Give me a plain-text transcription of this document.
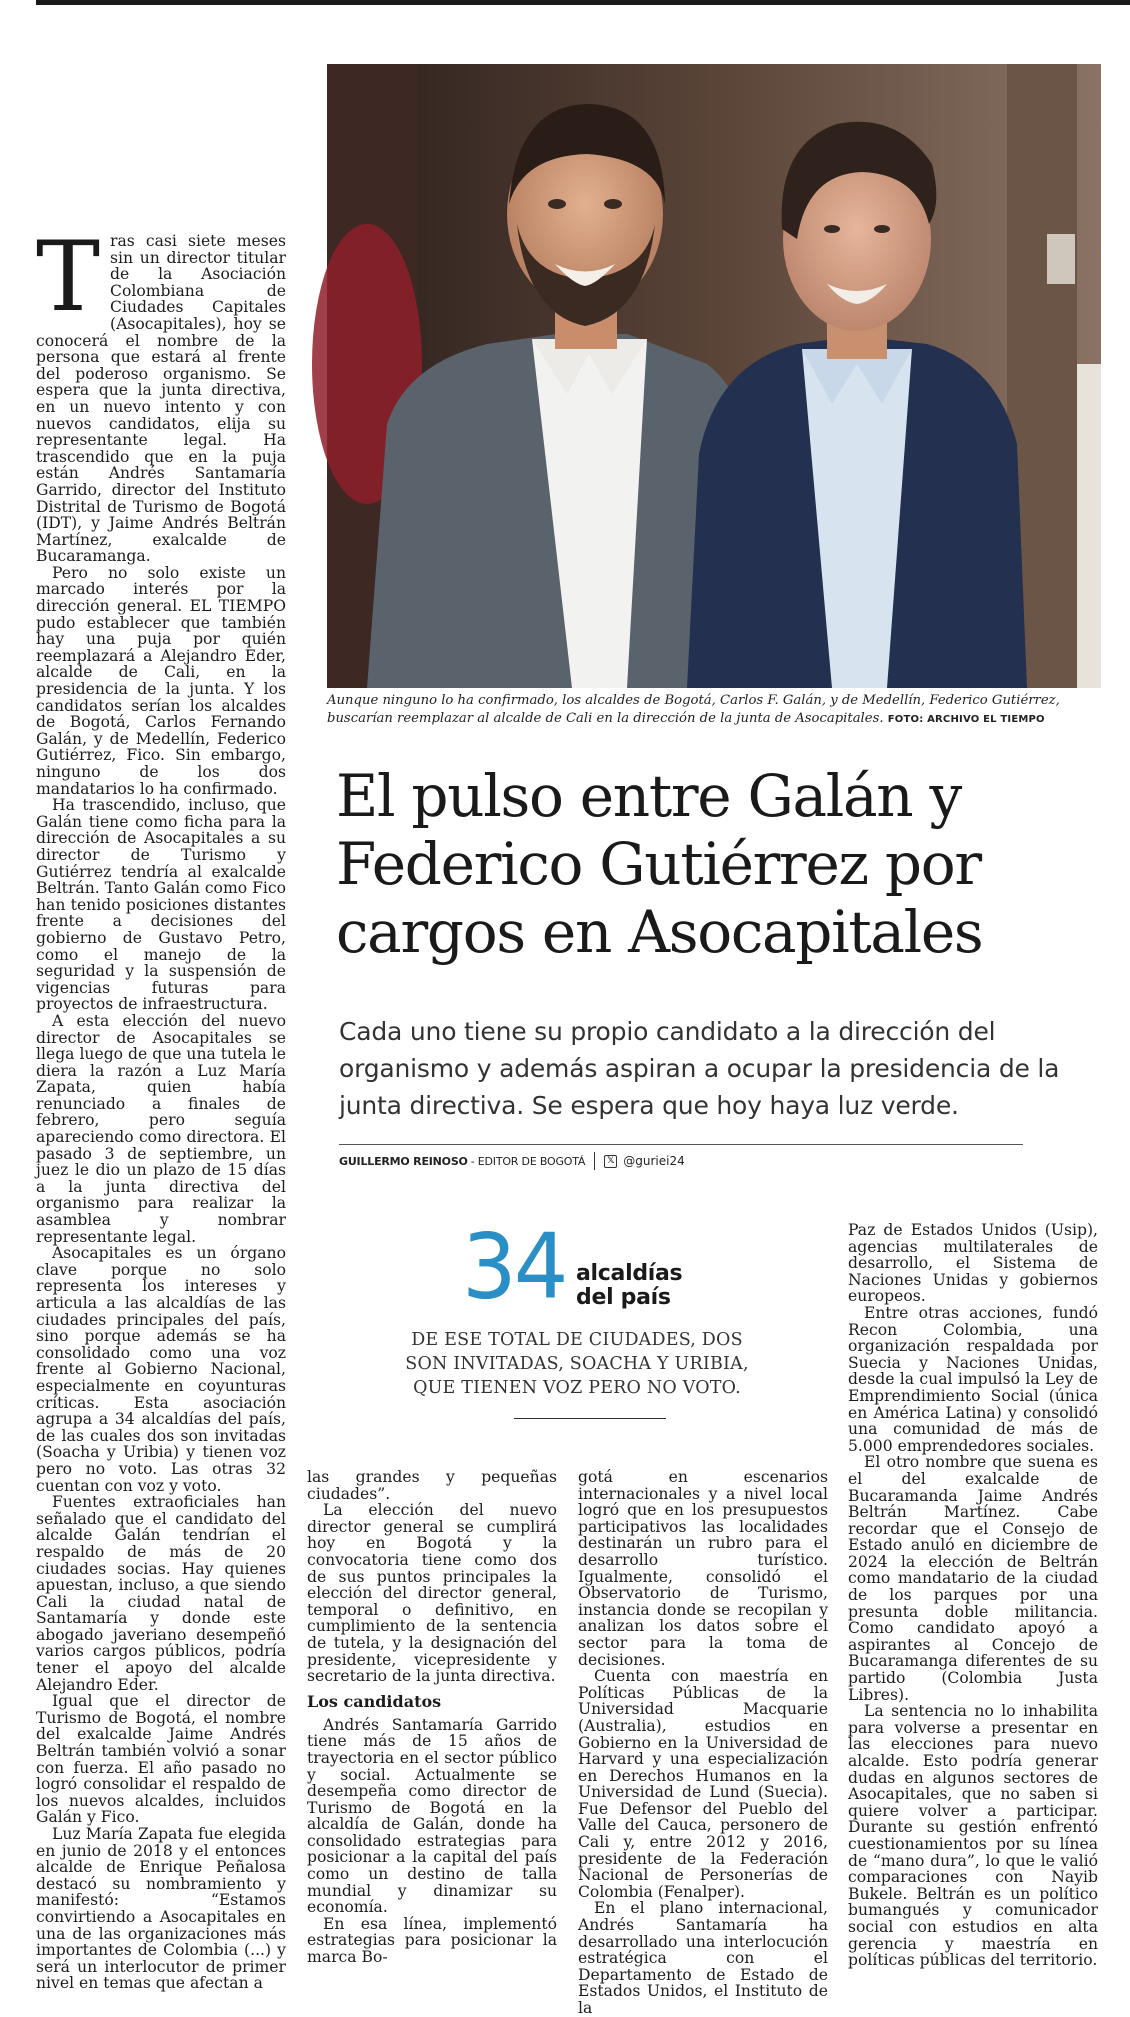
Aunque ninguno lo ha confirmado, los alcaldes de Bogotá, Carlos F. Galán, y de Medellín, Federico Gutiérrez, buscarían reemplazar al alcalde de Cali en la dirección de la junta de Asocapitales. FOTO: ARCHIVO EL TIEMPO
El pulso entre Galán y Federico Gutiérrez por cargos en Asocapitales

Cada uno tiene su propio candidato a la dirección del organismo y además aspiran a ocupar la presidencia de la junta directiva. Se espera que hoy haya luz verde.

GUILLERMO REINOSO - EDITOR DE BOGOTÁ	𝕏 @guriei24
34 alcaldías del país
DE ESE TOTAL DE CIUDADES, DOS SON INVITADAS, SOACHA Y URIBIA, QUE TIENEN VOZ PERO NO VOTO.
T ras casi siete meses sin un director titular de la Asociación Colombiana de Ciudades Capitales (Asocapitales), hoy se conocerá el nombre de la persona que estará al frente del poderoso organismo. Se espera que la junta directiva, en un nuevo intento y con nuevos candidatos, elija su representante legal. Ha trascendido que en la puja están Andrés Santamaría Garrido, director del Instituto Distrital de Turismo de Bogotá (IDT), y Jaime Andrés Beltrán Martínez, exalcalde de Bucaramanga.

Pero no solo existe un marcado interés por la dirección general. EL TIEMPO pudo establecer que también hay una puja por quién reemplazará a Alejandro Eder, alcalde de Cali, en la presidencia de la junta. Y los candidatos serían los alcaldes de Bogotá, Carlos Fernando Galán, y de Medellín, Federico Gutiérrez, Fico. Sin embargo, ninguno de los dos mandatarios lo ha confirmado.

Ha trascendido, incluso, que Galán tiene como ficha para la dirección de Asocapitales a su director de Turismo y Gutiérrez tendría al exalcalde Beltrán. Tanto Galán como Fico han tenido posiciones distantes frente a decisiones del gobierno de Gustavo Petro, como el manejo de la seguridad y la suspensión de vigencias futuras para proyectos de infraestructura.

A esta elección del nuevo director de Asocapitales se llega luego de que una tutela le diera la razón a Luz María Zapata, quien había renunciado a finales de febrero, pero seguía apareciendo como directora. El pasado 3 de septiembre, un juez le dio un plazo de 15 días a la junta directiva del organismo para realizar la asamblea y nombrar representante legal.

Asocapitales es un órgano clave porque no solo representa los intereses y articula a las alcaldías de las ciudades principales del país, sino porque además se ha consolidado como una voz frente al Gobierno Nacional, especialmente en coyunturas críticas. Esta asociación agrupa a 34 alcaldías del país, de las cuales dos son invitadas (Soacha y Uribia) y tienen voz pero no voto. Las otras 32 cuentan con voz y voto.

Fuentes extraoficiales han señalado que el candidato del alcalde Galán tendrían el respaldo de más de 20 ciudades socias. Hay quienes apuestan, incluso, a que siendo Cali la ciudad natal de Santamaría y donde este abogado javeriano desempeñó varios cargos públicos, podría tener el apoyo del alcalde Alejandro Eder.

Igual que el director de Turismo de Bogotá, el nombre del exalcalde Jaime Andrés Beltrán también volvió a sonar con fuerza. El año pasado no logró consolidar el respaldo de los nuevos alcaldes, incluidos Galán y Fico.

Luz María Zapata fue elegida en junio de 2018 y el entonces alcalde de Enrique Peñalosa destacó su nombramiento y manifestó: “Estamos convirtiendo a Asocapitales en una de las organizaciones más importantes de Colombia (...) y será un interlocutor de primer nivel en temas que afectan a

las grandes y pequeñas ciudades”.

La elección del nuevo director general se cumplirá hoy en Bogotá y la convocatoria tiene como dos de sus puntos principales la elección del director general, temporal o definitivo, en cumplimiento de la sentencia de tutela, y la designación del presidente, vicepresidente y secretario de la junta directiva.

Los candidatos

Andrés Santamaría Garrido tiene más de 15 años de trayectoria en el sector público y social. Actualmente se desempeña como director de Turismo de Bogotá en la alcaldía de Galán, donde ha consolidado estrategias para posicionar a la capital del país como un destino de talla mundial y dinamizar su economía.

En esa línea, implementó estrategias para posicionar la marca Bo-

gotá en escenarios internacionales y a nivel local logró que en los presupuestos participativos las localidades destinarán un rubro para el desarrollo turístico. Igualmente, consolidó el Observatorio de Turismo, instancia donde se recopilan y analizan los datos sobre el sector para la toma de decisiones.

Cuenta con maestría en Políticas Públicas de la Universidad Macquarie (Australia), estudios en Gobierno en la Universidad de Harvard y una especialización en Derechos Humanos en la Universidad de Lund (Suecia). Fue Defensor del Pueblo del Valle del Cauca, personero de Cali y, entre 2012 y 2016, presidente de la Federación Nacional de Personerías de Colombia (Fenalper).

En el plano internacional, Andrés Santamaría ha desarrollado una interlocución estratégica con el Departamento de Estado de Estados Unidos, el Instituto de la

Paz de Estados Unidos (Usip), agencias multilaterales de desarrollo, el Sistema de Naciones Unidas y gobiernos europeos.

Entre otras acciones, fundó Recon Colombia, una organización respaldada por Suecia y Naciones Unidas, desde la cual impulsó la Ley de Emprendimiento Social (única en América Latina) y consolidó una comunidad de más de 5.000 emprendedores sociales.

El otro nombre que suena es el del exalcalde de Bucaramanda Jaime Andrés Beltrán Martínez. Cabe recordar que el Consejo de Estado anuló en diciembre de 2024 la elección de Beltrán como mandatario de la ciudad de los parques por una presunta doble militancia. Como candidato apoyó a aspirantes al Concejo de Bucaramanga diferentes de su partido (Colombia Justa Libres).

La sentencia no lo inhabilita para volverse a presentar en las elecciones para nuevo alcalde. Esto podría generar dudas en algunos sectores de Asocapitales, que no saben si quiere volver a participar. Durante su gestión enfrentó cuestionamientos por su línea de “mano dura”, lo que le valió comparaciones con Nayib Bukele. Beltrán es un político bumangués y comunicador social con estudios en alta gerencia y maestría en políticas públicas del territorio.
